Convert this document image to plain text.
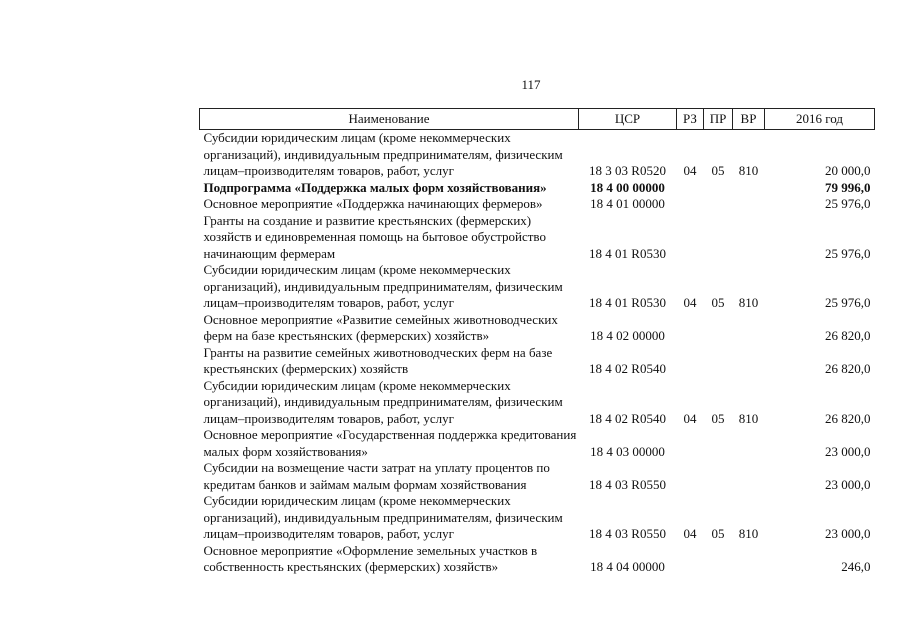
117
Наименование	ЦСР	РЗ	ПР	ВР	2016 год
Субсидии юридическим лицам (кроме некоммерческих организаций), индивидуальным предпринимателям, физическим лицам–производителям товаров, работ, услуг	18 3 03 R0520	04	05	810	20 000,0
Подпрограмма «Поддержка малых форм хозяйствования»	18 4 00 00000				79 996,0
Основное мероприятие «Поддержка начинающих фермеров»	18 4 01 00000				25 976,0
Гранты на создание и развитие крестьянских (фермерских) хозяйств и единовременная помощь на бытовое обустройство начинающим фермерам	18 4 01 R0530				25 976,0
Субсидии юридическим лицам (кроме некоммерческих организаций), индивидуальным предпринимателям, физическим лицам–производителям товаров, работ, услуг	18 4 01 R0530	04	05	810	25 976,0
Основное мероприятие «Развитие семейных животноводческих ферм на базе крестьянских (фермерских) хозяйств»	18 4 02 00000				26 820,0
Гранты на развитие семейных животноводческих ферм на базе крестьянских (фермерских) хозяйств	18 4 02 R0540				26 820,0
Субсидии юридическим лицам (кроме некоммерческих организаций), индивидуальным предпринимателям, физическим лицам–производителям товаров, работ, услуг	18 4 02 R0540	04	05	810	26 820,0
Основное мероприятие «Государственная поддержка кредитования малых форм хозяйствования»	18 4 03 00000				23 000,0
Субсидии на возмещение части затрат на уплату процентов по кредитам банков и займам малым формам хозяйствования	18 4 03 R0550				23 000,0
Субсидии юридическим лицам (кроме некоммерческих организаций), индивидуальным предпринимателям, физическим лицам–производителям товаров, работ, услуг	18 4 03 R0550	04	05	810	23 000,0
Основное мероприятие «Оформление земельных участков в собственность крестьянских (фермерских) хозяйств»	18 4 04 00000				246,0
